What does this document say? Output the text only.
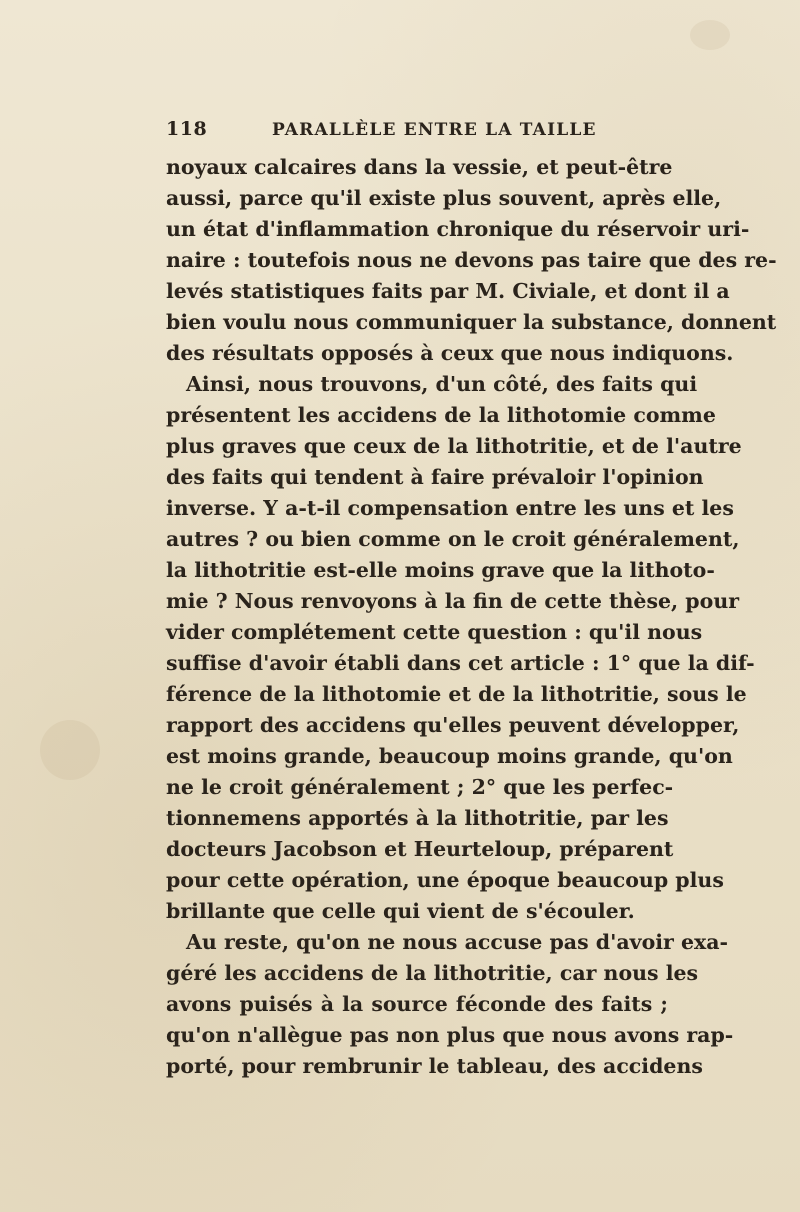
118	PARALLÈLE ENTRE LA TAILLE
noyaux calcaires dans la vessie, et peut-être
aussi, parce qu'il existe plus souvent, après elle,
un état d'inflammation chronique du réservoir uri-
naire : toutefois nous ne devons pas taire que des re-
levés statistiques faits par M. Civiale, et dont il a
bien voulu nous communiquer la substance, donnent
des résultats opposés à ceux que nous indiquons.
Ainsi, nous trouvons, d'un côté, des faits qui
présentent les accidens de la lithotomie comme
plus graves que ceux de la lithotritie, et de l'autre
des faits qui tendent à faire prévaloir l'opinion
inverse. Y a-t-il compensation entre les uns et les
autres ? ou bien comme on le croit généralement,
la lithotritie est-elle moins grave que la lithoto-
mie ? Nous renvoyons à la fin de cette thèse, pour
vider complétement cette question : qu'il nous
suffise d'avoir établi dans cet article : 1° que la dif-
férence de la lithotomie et de la lithotritie, sous le
rapport des accidens qu'elles peuvent développer,
est moins grande, beaucoup moins grande, qu'on
ne le croit généralement ; 2° que les perfec-
tionnemens apportés à la lithotritie, par les
docteurs Jacobson et Heurteloup, préparent
pour cette opération, une époque beaucoup plus
brillante que celle qui vient de s'écouler.
Au reste, qu'on ne nous accuse pas d'avoir exa-
géré les accidens de la lithotritie, car nous les
avons puisés à la source féconde des faits ;
qu'on n'allègue pas non plus que nous avons rap-
porté, pour rembrunir le tableau, des accidens
